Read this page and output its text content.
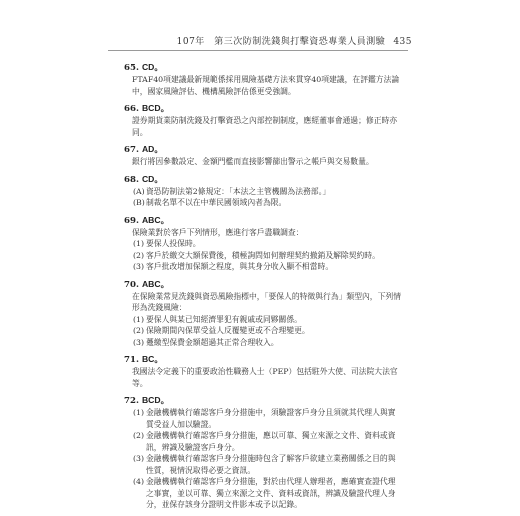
107年　第三次防制洗錢與打擊資恐專業人員測驗 435
65. CD。
FTAF40項建議最新規範係採用風險基礎方法來貫穿40項建議，在評鑑方法論中，國家風險評估、機構風險評估係更受強調。
66. BCD。
證券期貨業防制洗錢及打擊資恐之內部控制制度，應經董事會通過；修正時亦同。
67. AD。
銀行將因參數設定、金額門檻而直接影響篩出警示之帳戶與交易數量。
68. CD。
(A) 資恐防制法第2條規定：「本法之主管機關為法務部。」
(B) 制裁名單不以在中華民國領域內者為限。
69. ABC。
保險業對於客戶下列情形，應進行客戶盡職調查：
(1) 要保人投保時。
(2) 客戶於繳交大額保費後，積極詢問如何辦理契約撤銷及解除契約時。
(3) 客戶批改增加保額之程度，與其身分收入顯不相當時。
70. ABC。
在保險業常見洗錢與資恐風險指標中，「要保人的特徵與行為」類型內，下列情形為洗錢風險：
(1) 要保人與某已知經濟罪犯有親戚或同夥關係。
(2) 保險期間內保單受益人反覆變更或不合理變更。
(3) 躉繳型保費金額超過其正常合理收入。
71. BC。
我國法令定義下的重要政治性職務人士（PEP）包括駐外大使、司法院大法官等。
72. BCD。
(1) 金融機構執行確認客戶身分措施中，須驗證客戶身分且須就其代理人與實質受益人加以驗證。
(2) 金融機構執行確認客戶身分措施，應以可靠、獨立來源之文件、資料或資訊，辨識及驗證客戶身分。
(3) 金融機構執行確認客戶身分措施時包含了解客戶欲建立業務關係之目的與性質，視情況取得必要之資訊。
(4) 金融機構執行確認客戶身分措施，對於由代理人辦理者，應確實查證代理之事實，並以可靠、獨立來源之文件、資料或資訊，辨識及驗證代理人身分，並保存該身分證明文件影本或予以記錄。
